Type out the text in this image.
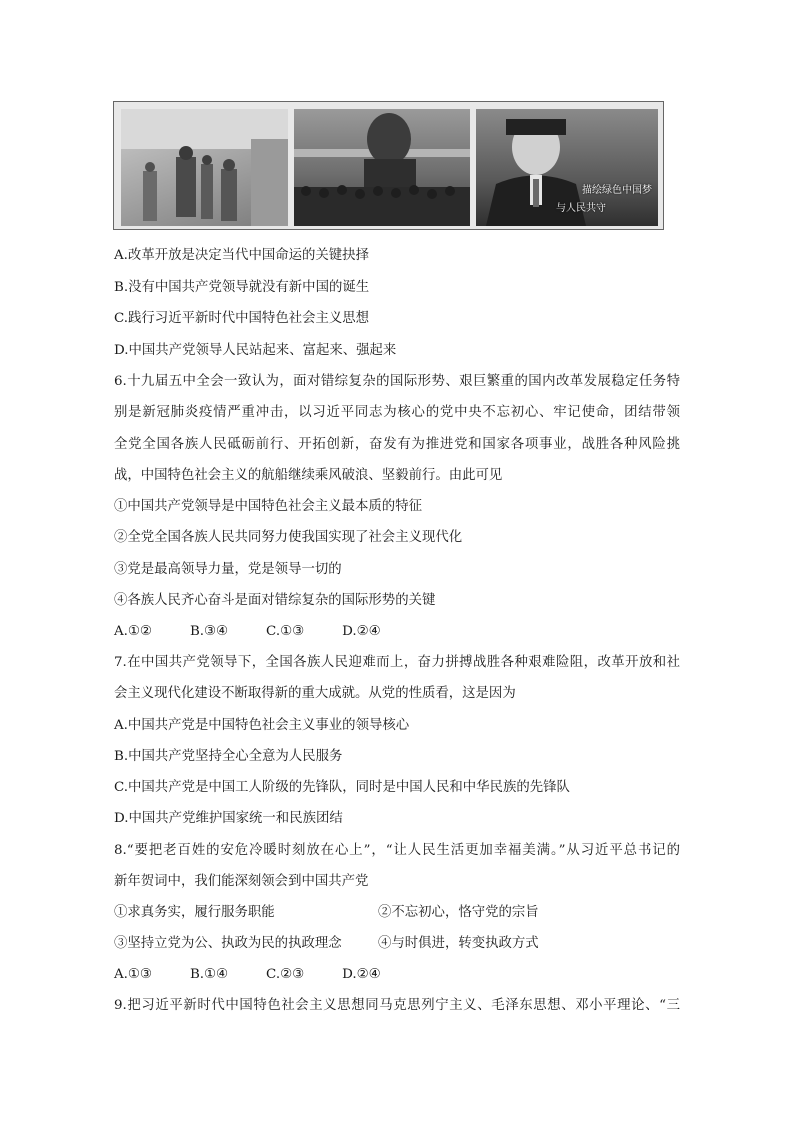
描绘绿色中国梦
与人民共守

A.改革开放是决定当代中国命运的关键抉择

B.没有中国共产党领导就没有新中国的诞生

C.践行习近平新时代中国特色社会主义思想

D.中国共产党领导人民站起来、富起来、强起来

6.十九届五中全会一致认为，面对错综复杂的国际形势、艰巨繁重的国内改革发展稳定任务特

别是新冠肺炎疫情严重冲击，以习近平同志为核心的党中央不忘初心、牢记使命，团结带领

全党全国各族人民砥砺前行、开拓创新，奋发有为推进党和国家各项事业，战胜各种风险挑

战，中国特色社会主义的航船继续乘风破浪、坚毅前行。由此可见

①中国共产党领导是中国特色社会主义最本质的特征

②全党全国各族人民共同努力使我国实现了社会主义现代化

③党是最高领导力量，党是领导一切的

④各族人民齐心奋斗是面对错综复杂的国际形势的关键

A.①②	B.③④	C.①③	D.②④

7.在中国共产党领导下，全国各族人民迎难而上，奋力拼搏战胜各种艰难险阻，改革开放和社

会主义现代化建设不断取得新的重大成就。从党的性质看，这是因为

A.中国共产党是中国特色社会主义事业的领导核心

B.中国共产党坚持全心全意为人民服务

C.中国共产党是中国工人阶级的先锋队，同时是中国人民和中华民族的先锋队

D.中国共产党维护国家统一和民族团结

8.“要把老百姓的安危冷暖时刻放在心上”，“让人民生活更加幸福美满。”从习近平总书记的

新年贺词中，我们能深刻领会到中国共产党

①求真务实，履行服务职能	②不忘初心，恪守党的宗旨

③坚持立党为公、执政为民的执政理念	④与时俱进，转变执政方式

A.①③	B.①④	C.②③	D.②④

9.把习近平新时代中国特色社会主义思想同马克思列宁主义、毛泽东思想、邓小平理论、“三
